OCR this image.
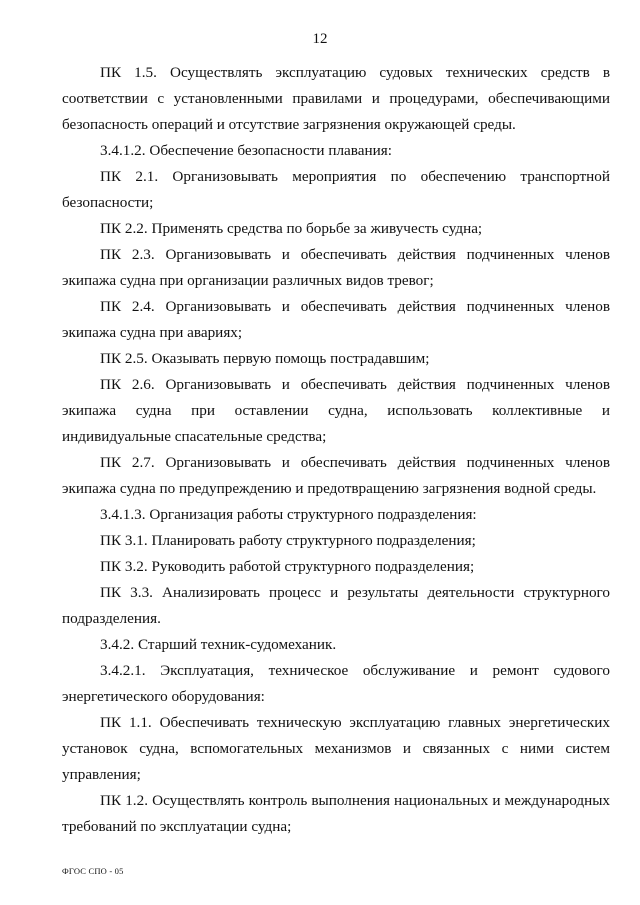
12

ПК 1.5. Осуществлять эксплуатацию судовых технических средств в соответствии с установленными правилами и процедурами, обеспечивающими безопасность операций и отсутствие загрязнения окружающей среды.

3.4.1.2. Обеспечение безопасности плавания:

ПК 2.1. Организовывать мероприятия по обеспечению транспортной безопасности;

ПК 2.2. Применять средства по борьбе за живучесть судна;

ПК 2.3. Организовывать и обеспечивать действия подчиненных членов экипажа судна при организации различных видов тревог;

ПК 2.4. Организовывать и обеспечивать действия подчиненных членов экипажа судна при авариях;

ПК 2.5. Оказывать первую помощь пострадавшим;

ПК 2.6. Организовывать и обеспечивать действия подчиненных членов экипажа судна при оставлении судна, использовать коллективные и индивидуальные спасательные средства;

ПК 2.7. Организовывать и обеспечивать действия подчиненных членов экипажа судна по предупреждению и предотвращению загрязнения водной среды.

3.4.1.3. Организация работы структурного подразделения:

ПК 3.1. Планировать работу структурного подразделения;

ПК 3.2. Руководить работой структурного подразделения;

ПК 3.3. Анализировать процесс и результаты деятельности структурного подразделения.

3.4.2. Старший техник-судомеханик.

3.4.2.1. Эксплуатация, техническое обслуживание и ремонт судового энергетического оборудования:

ПК 1.1. Обеспечивать техническую эксплуатацию главных энергетических установок судна, вспомогательных механизмов и связанных с ними систем управления;

ПК 1.2. Осуществлять контроль выполнения национальных и международных требований по эксплуатации судна;

ФГОС СПО - 05
